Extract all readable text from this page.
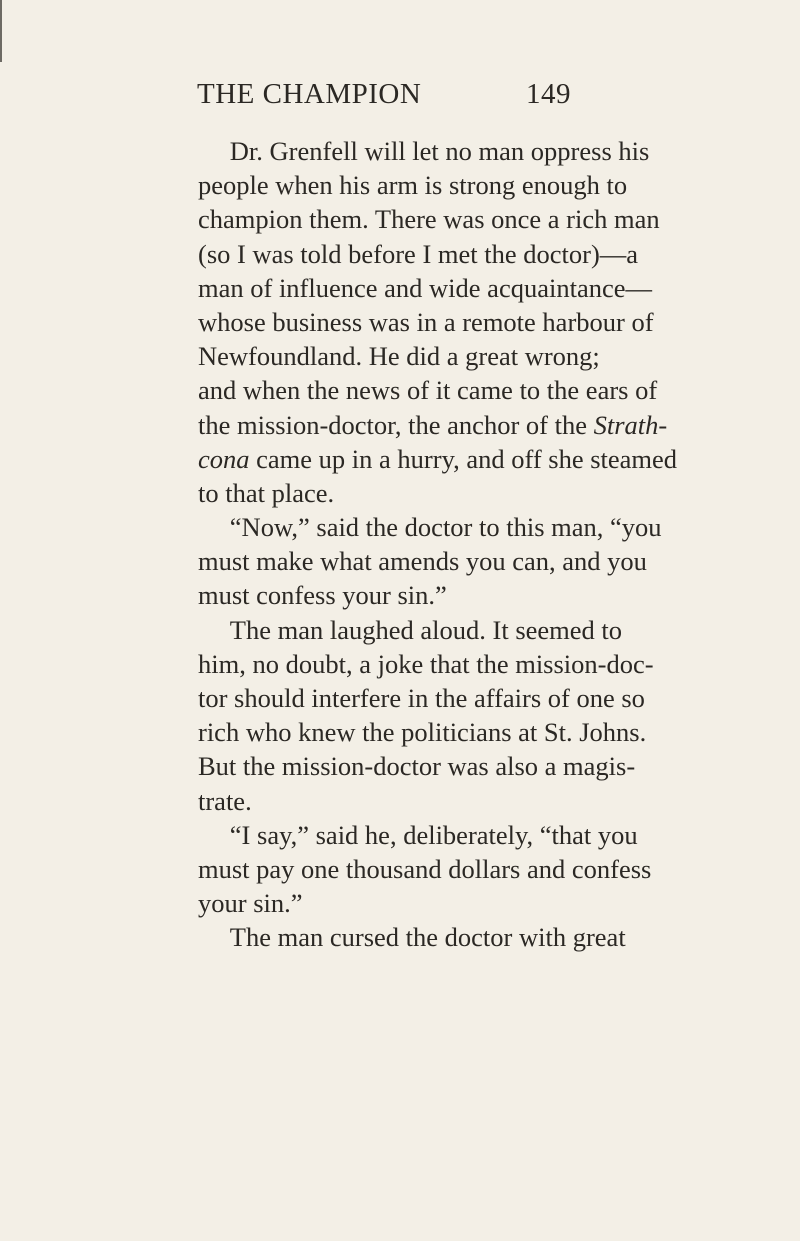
THE CHAMPION	149
Dr. Grenfell will let no man oppress his
people when his arm is strong enough to
champion them. There was once a rich man
(so I was told before I met the doctor)—a
man of influence and wide acquaintance—
whose business was in a remote harbour of
Newfoundland. He did a great wrong;
and when the news of it came to the ears of
the mission-doctor, the anchor of the Strath-
cona came up in a hurry, and off she steamed
to that place.
“Now,” said the doctor to this man, “you
must make what amends you can, and you
must confess your sin.”
The man laughed aloud. It seemed to
him, no doubt, a joke that the mission-doc-
tor should interfere in the affairs of one so
rich who knew the politicians at St. Johns.
But the mission-doctor was also a magis-
trate.
“I say,” said he, deliberately, “that you
must pay one thousand dollars and confess
your sin.”
The man cursed the doctor with great
